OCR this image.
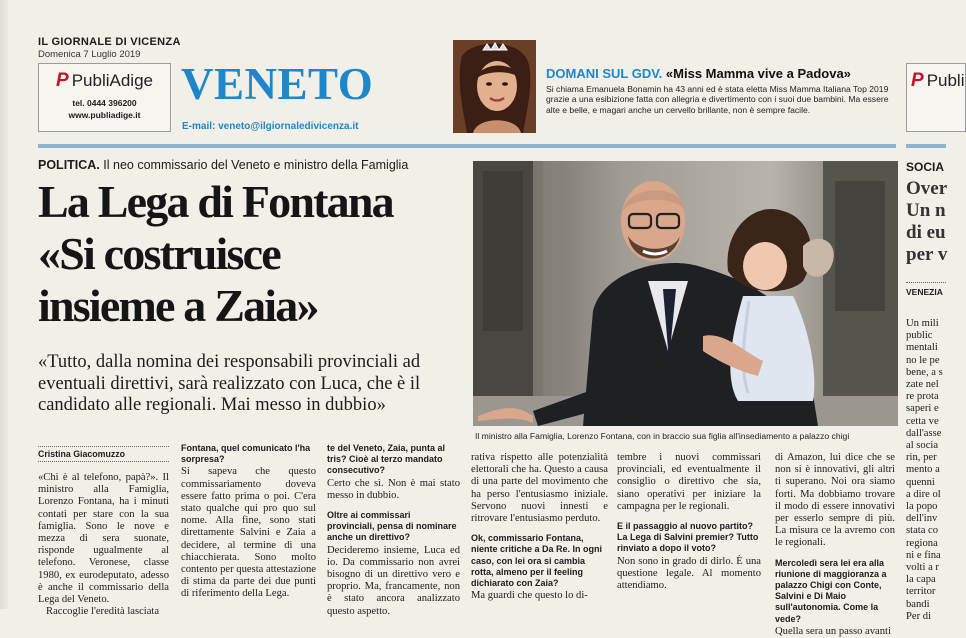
IL GIORNALE DI VICENZA
Domenica 7 Luglio 2019
P PubliAdige
tel. 0444 396200
www.publiadige.it
VENETO
E-mail: veneto@ilgiornaledivicenza.it
DOMANI SUL GDV. «Miss Mamma vive a Padova»
Si chiama Emanuela Bonamin ha 43 anni ed è stata eletta Miss Mamma Italiana Top 2019 grazie a una esibizione fatta con allegria e divertimento con i suoi due bambini. Ma essere alte e belle, e magari anche un cervello brillante, non è sempre facile.
P Publi
POLITICA. Il neo commissario del Veneto e ministro della Famiglia
La Lega di Fontana
«Si costruisce
insieme a Zaia»

«Tutto, dalla nomina dei responsabili provinciali ad eventuali direttivi, sarà realizzato con Luca, che è il candidato alle regionali. Mai messo in dubbio»

Il ministro alla Famiglia, Lorenzo Fontana, con in braccio sua figlia all'insediamento a palazzo chigi
Cristina Giacomuzzo

«Chi è al telefono, papà?». Il ministro alla Famiglia, Lorenzo Fontana, ha i minuti contati per stare con la sua famiglia. Sono le nove e mezza di sera suonate, risponde ugualmente al telefono. Veronese, classe 1980, ex eurodeputato, adesso è anche il commissario della Lega del Veneto.

Raccoglie l'eredità lasciata

Fontana, quel comunicato l'ha sorpresa?

Si sapeva che questo commissariamento doveva essere fatto prima o poi. C'era stato qualche qui pro quo sul nome. Alla fine, sono stati direttamente Salvini e Zaia a decidere, al termine di una chiacchierata. Sono molto contento per questa attestazione di stima da parte dei due punti di riferimento della Lega.

te del Veneto, Zaia, punta al tris? Cioè al terzo mandato consecutivo?

Certo che sì. Non è mai stato messo in dubbio.

Oltre ai commissari provinciali, pensa di nominare anche un direttivo?

Decideremo insieme, Luca ed io. Da commissario non avrei bisogno di un direttivo vero e proprio. Ma, francamente, non è stato ancora analizzato questo aspetto.

rativa rispetto alle potenzialità elettorali che ha. Questo a causa di una parte del movimento che ha perso l'entusiasmo iniziale. Servono nuovi innesti e ritrovare l'entusiasmo perduto.

Ok, commissario Fontana, niente critiche a Da Re. In ogni caso, con lei ora si cambia rotta, almeno per il feeling dichiarato con Zaia?

Ma guardi che questo lo di-

tembre i nuovi commissari provinciali, ed eventualmente il consiglio o direttivo che sia, siano operativi per iniziare la campagna per le regionali.

E il passaggio al nuovo partito? La Lega di Salvini premier? Tutto rinviato a dopo il voto?

Non sono in grado di dirlo. È una questione legale. Al momento attendiamo.

di Amazon, lui dice che se non si è innovativi, gli altri ti superano. Noi ora siamo forti. Ma dobbiamo trovare il modo di essere innovativi per esserlo sempre di più. La misura ce la avremo con le regionali.

Mercoledì sera lei era alla riunione di maggioranza a palazzo Chigi con Conte, Salvini e Di Maio sull'autonomia. Come la vede?

Quella sera un passo avanti

SOCIA
Over
Un n
di eu
per v
VENEZIA
Un mili
public
mentali
no le pe
bene, a s
zate nel
re prota
saperi e
cetta ve
dall'asse
al socia
rin, per
mento a
quenni
a dire ol
la popo
dell'inv
stata co
regiona
ni e fina
volti a r
la capa
territor
bandi
Per di
